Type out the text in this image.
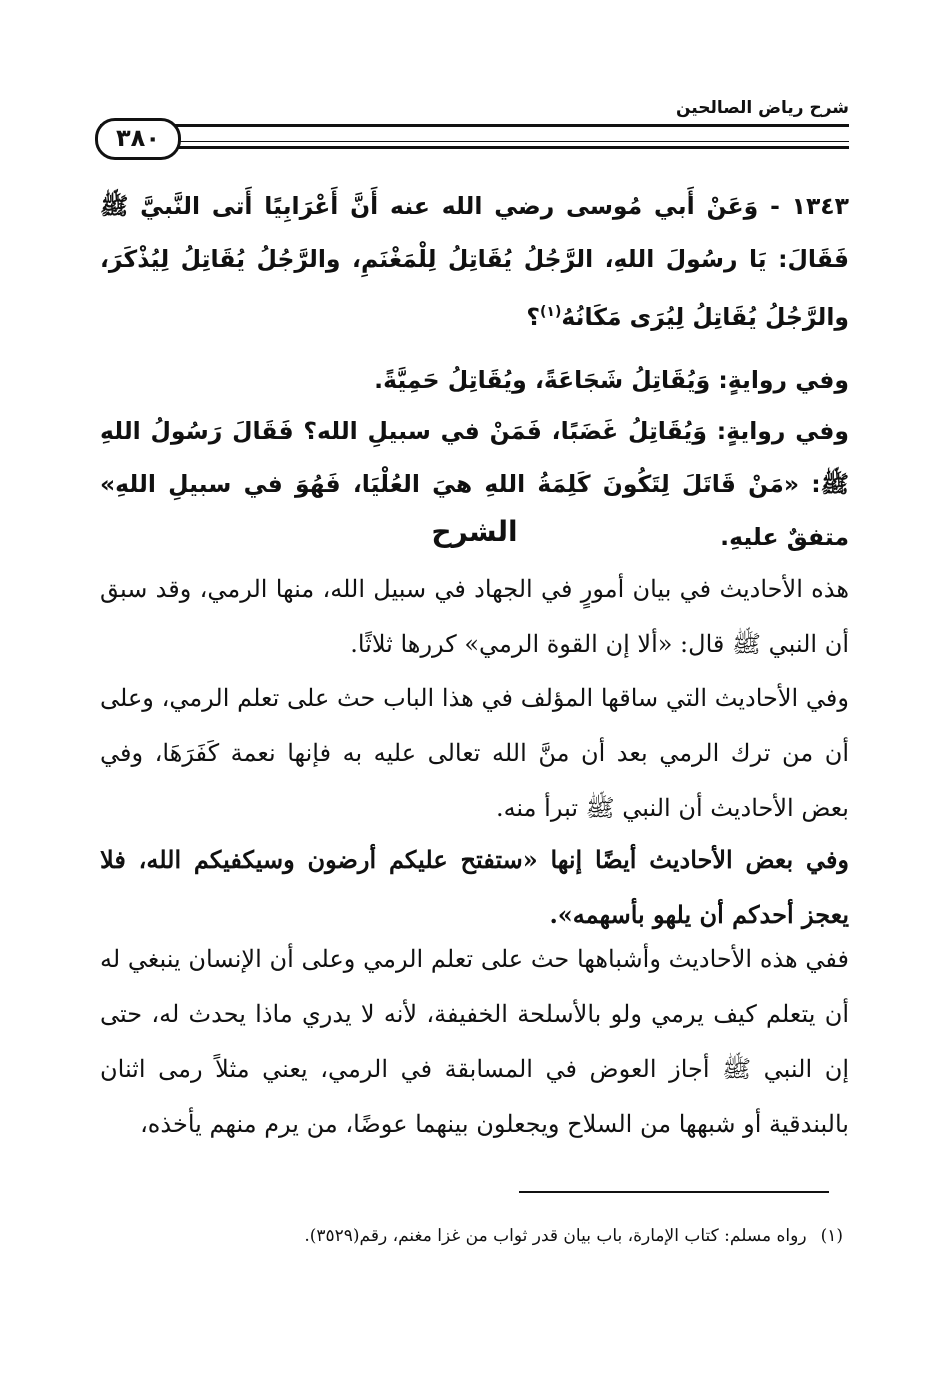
شرح رياض الصالحين
٣٨٠
١٣٤٣ - وَعَنْ أَبي مُوسى رضي الله عنه أَنَّ أَعْرَابِيًا أَتى النَّبيَّ ﷺ فَقَالَ: يَا رسُولَ اللهِ، الرَّجُلُ يُقَاتِلُ لِلْمَغْنَمِ، والرَّجُلُ يُقَاتِلُ لِيُذْكَرَ، والرَّجُلُ يُقَاتِلُ لِيُرَى مَكَانُهُ$^{(١)}$؟
وفي روايةٍ: وَيُقَاتِلُ شَجَاعَةً، ويُقَاتِلُ حَمِيَّةً.
وفي روايةٍ: وَيُقَاتِلُ غَضَبًا، فَمَنْ في سبيلِ الله؟ فَقَالَ رَسُولُ اللهِ ﷺ: «مَنْ قَاتَلَ لِتَكُونَ كَلِمَةُ اللهِ هيَ العُلْيَا، فَهُوَ في سبيلِ اللهِ» متفقٌ عليهِ.
الشرح
هذه الأحاديث في بيان أمورٍ في الجهاد في سبيل الله، منها الرمي، وقد سبق أن النبي ﷺ قال: «ألا إن القوة الرمي» كررها ثلاثًا.
وفي الأحاديث التي ساقها المؤلف في هذا الباب حث على تعلم الرمي، وعلى أن من ترك الرمي بعد أن منَّ الله تعالى عليه به فإنها نعمة كَفَرَهَا، وفي بعض الأحاديث أن النبي ﷺ تبرأ منه.
وفي بعض الأحاديث أيضًا إنها «ستفتح عليكم أرضون وسيكفيكم الله، فلا يعجز أحدكم أن يلهو بأسهمه».
ففي هذه الأحاديث وأشباهها حث على تعلم الرمي وعلى أن الإنسان ينبغي له أن يتعلم كيف يرمي ولو بالأسلحة الخفيفة، لأنه لا يدري ماذا يحدث له، حتى إن النبي ﷺ أجاز العوض في المسابقة في الرمي، يعني مثلاً رمى اثنان بالبندقية أو شبهها من السلاح ويجعلون بينهما عوضًا، من يرم منهم يأخذه،
(١)رواه مسلم: كتاب الإمارة، باب بيان قدر ثواب من غزا مغنم، رقم(٣٥٢٩).
